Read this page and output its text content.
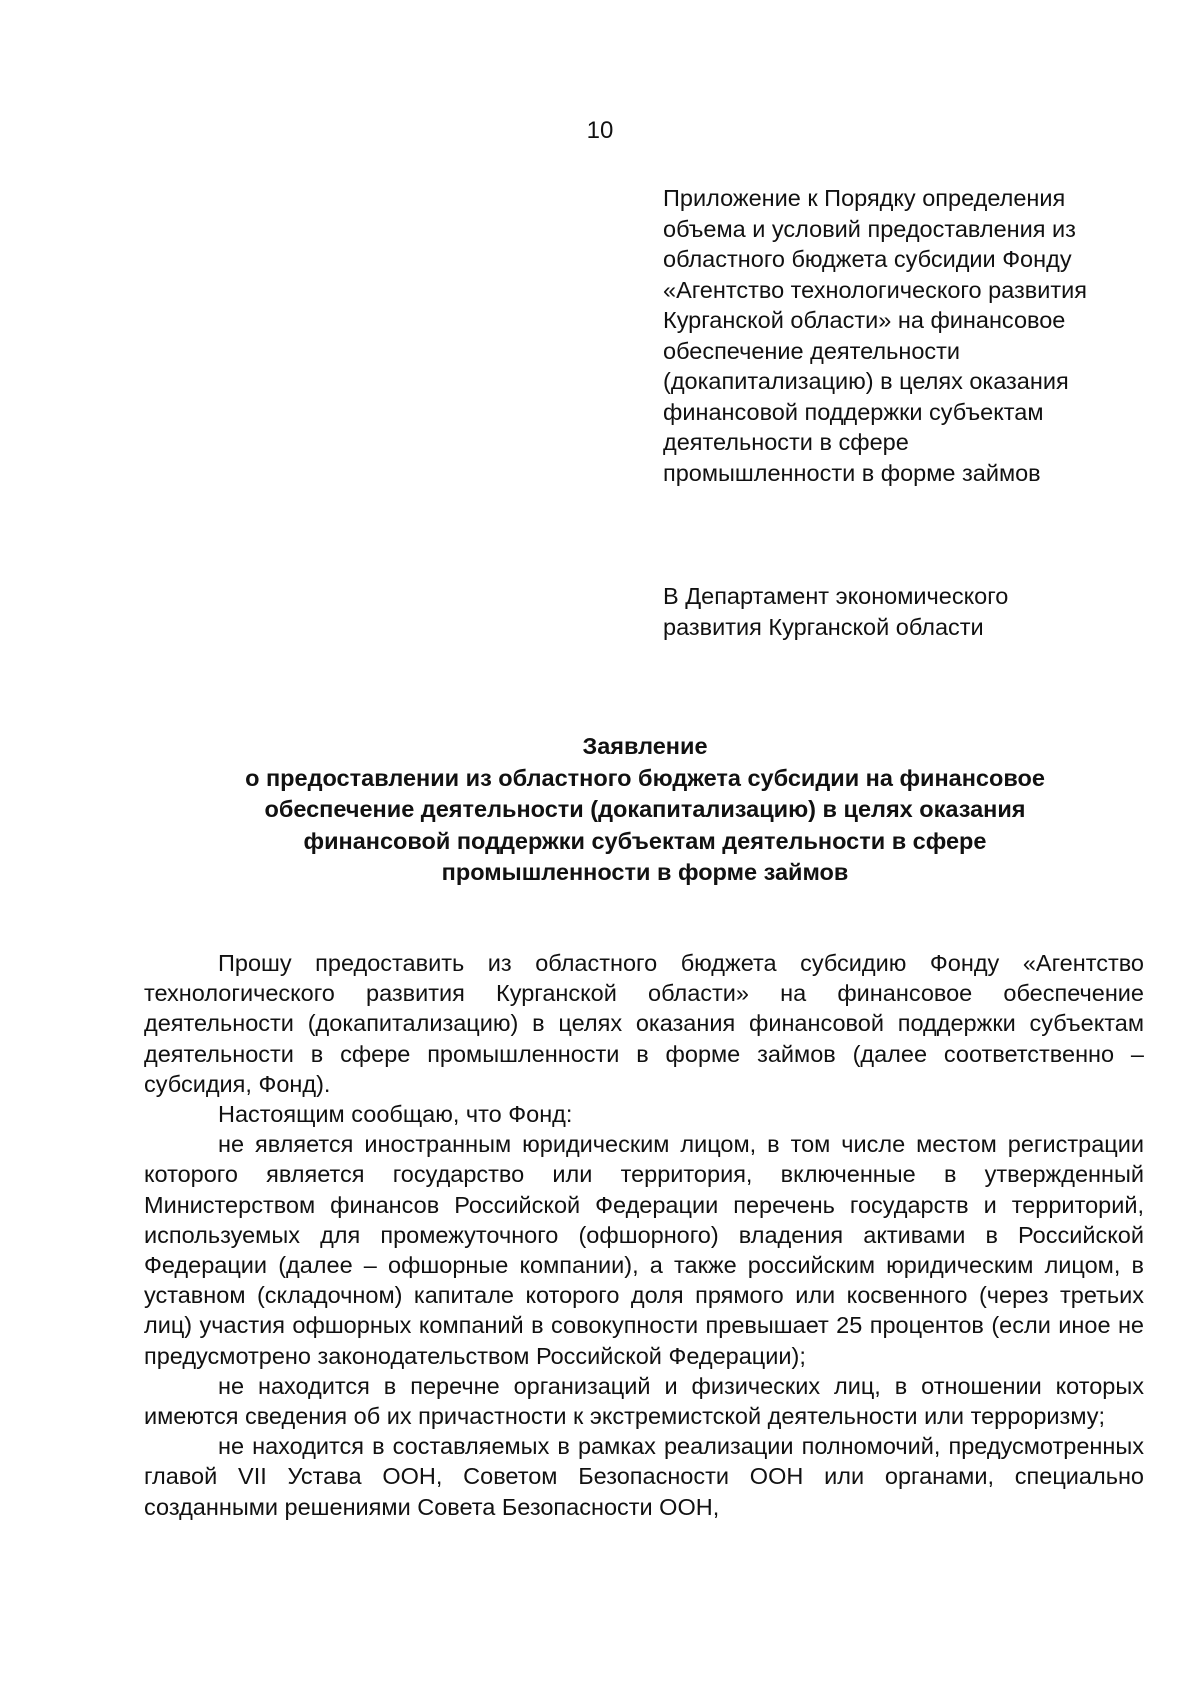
10
Приложение к Порядку определения
объема и условий предоставления из
областного бюджета субсидии Фонду
«Агентство технологического развития
Курганской области» на финансовое
обеспечение деятельности
(докапитализацию) в целях оказания
финансовой поддержки субъектам
деятельности в сфере
промышленности в форме займов
В Департамент экономического
развития Курганской области
Заявление
о предоставлении из областного бюджета субсидии на финансовое
обеспечение деятельности (докапитализацию) в целях оказания
финансовой поддержки субъектам деятельности в сфере
промышленности в форме займов

Прошу предоставить из областного бюджета субсидию Фонду «Агентство технологического развития Курганской области» на финансовое обеспечение деятельности (докапитализацию) в целях оказания финансовой поддержки субъектам деятельности в сфере промышленности в форме займов (далее соответственно – субсидия, Фонд).

Настоящим сообщаю, что Фонд:

не является иностранным юридическим лицом, в том числе местом регистрации которого является государство или территория, включенные в утвержденный Министерством финансов Российской Федерации перечень государств и территорий, используемых для промежуточного (офшорного) владения активами в Российской Федерации (далее – офшорные компании), а также российским юридическим лицом, в уставном (складочном) капитале которого доля прямого или косвенного (через третьих лиц) участия офшорных компаний в совокупности превышает 25 процентов (если иное не предусмотрено законодательством Российской Федерации);

не находится в перечне организаций и физических лиц, в отношении которых имеются сведения об их причастности к экстремистской деятельности или терроризму;

не находится в составляемых в рамках реализации полномочий, предусмотренных главой VII Устава ООН, Советом Безопасности ООН или органами, специально созданными решениями Совета Безопасности ООН,
